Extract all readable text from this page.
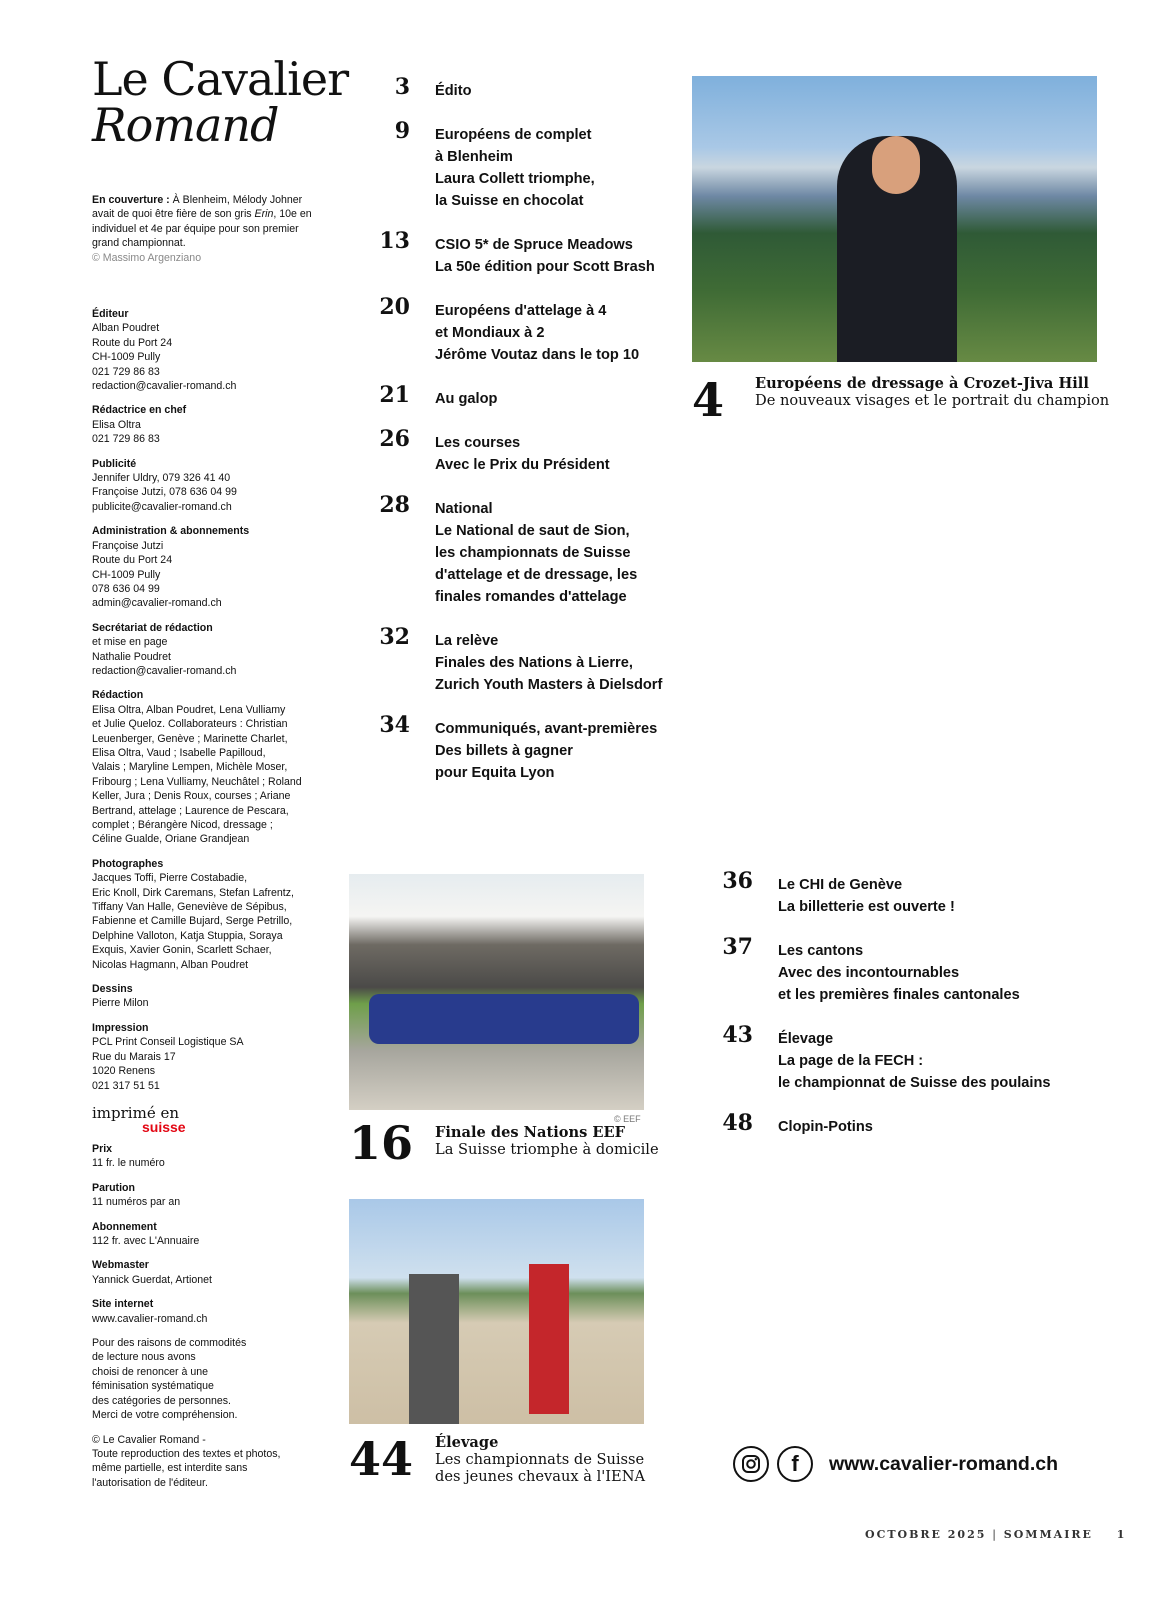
Le Cavalier
Romand
En couverture : À Blenheim, Mélody Johner avait de quoi être fière de son gris Erin, 10e en individuel et 4e par équipe pour son premier grand championnat.
© Massimo Argenziano
Éditeur
Alban Poudret
Route du Port 24
CH-1009 Pully
021 729 86 83
redaction@cavalier-romand.ch
Rédactrice en chef
Elisa Oltra
021 729 86 83
Publicité
Jennifer Uldry, 079 326 41 40
Françoise Jutzi, 078 636 04 99
publicite@cavalier-romand.ch
Administration & abonnements
Françoise Jutzi
Route du Port 24
CH-1009 Pully
078 636 04 99
admin@cavalier-romand.ch
Secrétariat de rédaction
et mise en page
Nathalie Poudret
redaction@cavalier-romand.ch
Rédaction
Elisa Oltra, Alban Poudret, Lena Vulliamy
et Julie Queloz. Collaborateurs : Christian
Leuenberger, Genève ; Marinette Charlet,
Elisa Oltra, Vaud ; Isabelle Papilloud,
Valais ; Maryline Lempen, Michèle Moser,
Fribourg ; Lena Vulliamy, Neuchâtel ; Roland
Keller, Jura ; Denis Roux, courses ; Ariane
Bertrand, attelage ; Laurence de Pescara,
complet ; Bérangère Nicod, dressage ;
Céline Gualde, Oriane Grandjean
Photographes
Jacques Toffi, Pierre Costabadie,
Eric Knoll, Dirk Caremans, Stefan Lafrentz,
Tiffany Van Halle, Geneviève de Sépibus,
Fabienne et Camille Bujard, Serge Petrillo,
Delphine Valloton, Katja Stuppia, Soraya
Exquis, Xavier Gonin, Scarlett Schaer,
Nicolas Hagmann, Alban Poudret
Dessins
Pierre Milon
Impression
PCL Print Conseil Logistique SA
Rue du Marais 17
1020 Renens
021 317 51 51
imprimé en
suisse
Prix
11 fr. le numéro
Parution
11 numéros par an
Abonnement
112 fr. avec L'Annuaire
Webmaster
Yannick Guerdat, Artionet
Site internet
www.cavalier-romand.ch
Pour des raisons de commodités
de lecture nous avons
choisi de renoncer à une
féminisation systématique
des catégories de personnes.
Merci de votre compréhension.
© Le Cavalier Romand -
Toute reproduction des textes et photos,
même partielle, est interdite sans
l'autorisation de l'éditeur.
3 Édito
9 Européens de complet
à Blenheim
Laura Collett triomphe,
la Suisse en chocolat
13 CSIO 5* de Spruce Meadows
La 50e édition pour Scott Brash
20 Européens d'attelage à 4
et Mondiaux à 2
Jérôme Voutaz dans le top 10
21 Au galop
26 Les courses
Avec le Prix du Président
28 National
Le National de saut de Sion,
les championnats de Suisse
d'attelage et de dressage, les
finales romandes d'attelage
32 La relève
Finales des Nations à Lierre,
Zurich Youth Masters à Dielsdorf
34 Communiqués, avant-premières
Des billets à gagner
pour Equita Lyon
36 Le CHI de Genève
La billetterie est ouverte !
37 Les cantons
Avec des incontournables
et les premières finales cantonales
43 Élevage
La page de la FECH :
le championnat de Suisse des poulains
48 Clopin-Potins
4 Européens de dressage à Crozet-Jiva Hill
De nouveaux visages et le portrait du champion
© EEF
16 Finale des Nations EEF
La Suisse triomphe à domicile
44 Élevage
Les championnats de Suisse
des jeunes chevaux à l'IENA
f www.cavalier-romand.ch
OCTOBRE 2025 | SOMMAIRE 1
